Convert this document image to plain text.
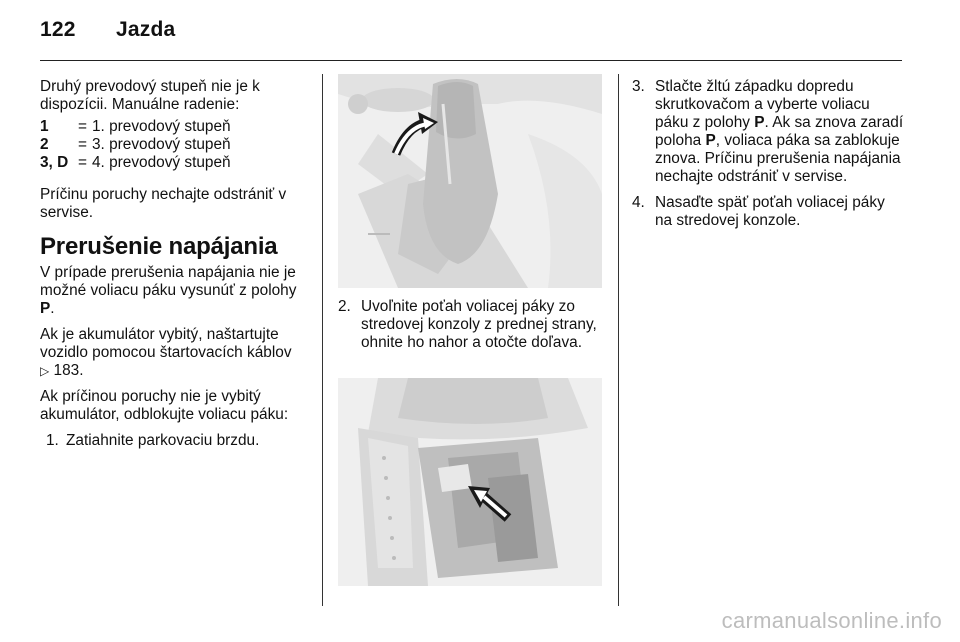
122 Jazda

Druhý prevodový stupeň nie je k dispozícii. Manuálne radenie:

1	=	1. prevodový stupeň
2	=	3. prevodový stupeň
3, D	=	4. prevodový stupeň

Príčinu poruchy nechajte odstrániť v servise.

Prerušenie napájania

V prípade prerušenia napájania nie je možné voliacu páku vysunúť z polohy P.

Ak je akumulátor vybitý, naštartujte vozidlo pomocou štartovacích káblov ▷ 183.

Ak príčinou poruchy nie je vybitý akumulátor, odblokujte voliacu páku:

1. Zatiahnite parkovaciu brzdu.
2. Uvoľnite poťah voliacej páky zo stredovej konzoly z prednej strany, ohnite ho nahor a otočte doľava.
3. Stlačte žltú západku dopredu skrutkovačom a vyberte voliacu páku z polohy P. Ak sa znova zaradí poloha P, voliaca páka sa zablokuje znova. Príčinu prerušenia napájania nechajte odstrániť v servise.
4. Nasaďte späť poťah voliacej páky na stredovej konzole.
carmanualsonline.info
